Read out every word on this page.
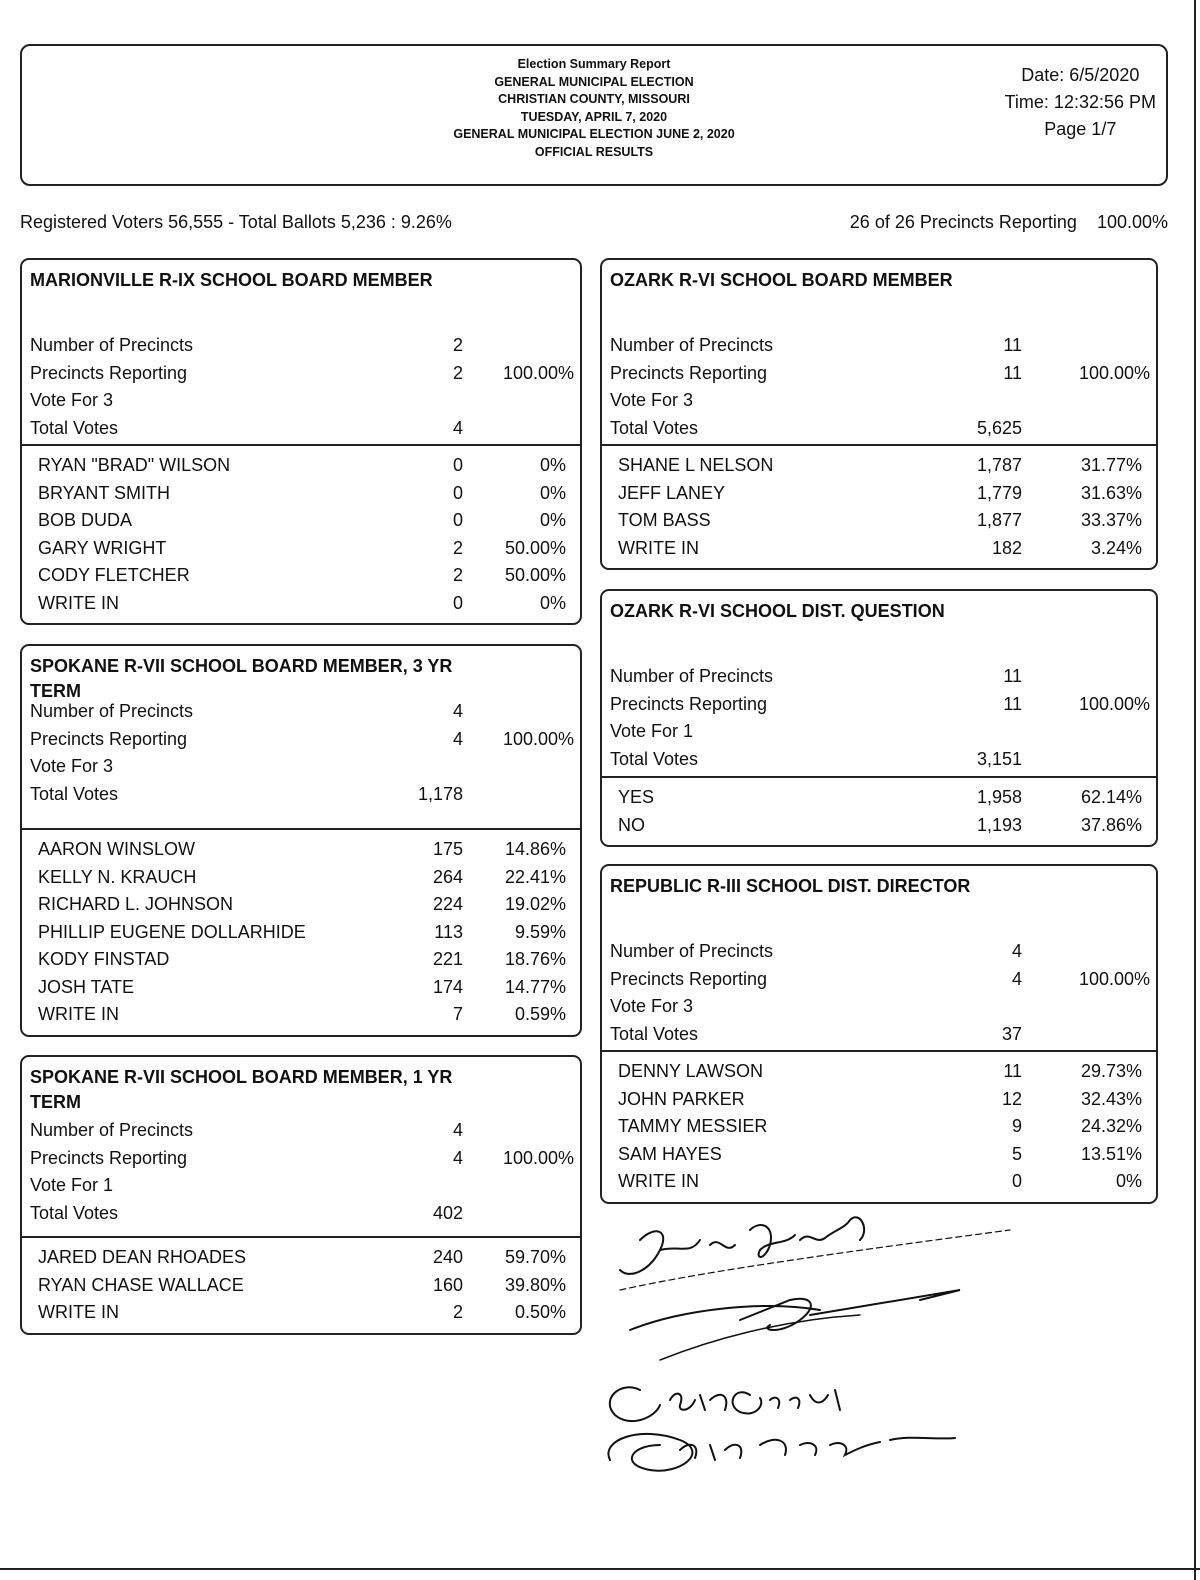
Election Summary Report
GENERAL MUNICIPAL ELECTION
CHRISTIAN COUNTY, MISSOURI
TUESDAY, APRIL 7, 2020
GENERAL MUNICIPAL ELECTION JUNE 2, 2020
OFFICIAL RESULTS
Date: 6/5/2020
Time: 12:32:56 PM
Page 1/7
Registered Voters 56,555 - Total Ballots 5,236 : 9.26%	26 of 26 Precincts Reporting 100.00%
MARIONVILLE R-IX SCHOOL BOARD MEMBER
Number of Precincts	2
Precincts Reporting	2 100.00%
Vote For 3
Total Votes	4
RYAN "BRAD" WILSON	0	0%
BRYANT SMITH	0	0%
BOB DUDA	0	0%
GARY WRIGHT	2 50.00%
CODY FLETCHER	2 50.00%
WRITE IN	0	0%
SPOKANE R-VII SCHOOL BOARD MEMBER, 3 YR
TERM
Number of Precincts	4
Precincts Reporting	4 100.00%
Vote For 3
Total Votes	1,178
AARON WINSLOW	175 14.86%
KELLY N. KRAUCH	264 22.41%
RICHARD L. JOHNSON	224 19.02%
PHILLIP EUGENE DOLLARHIDE	113	9.59%
KODY FINSTAD	221 18.76%
JOSH TATE	174 14.77%
WRITE IN	7	0.59%
SPOKANE R-VII SCHOOL BOARD MEMBER, 1 YR
TERM
Number of Precincts	4
Precincts Reporting	4 100.00%
Vote For 1
Total Votes	402
JARED DEAN RHOADES	240 59.70%
RYAN CHASE WALLACE	160 39.80%
WRITE IN	2	0.50%
OZARK R-VI SCHOOL BOARD MEMBER
Number of Precincts	11
Precincts Reporting	11	100.00%
Vote For 3
Total Votes	5,625
SHANE L NELSON	1,787	31.77%
JEFF LANEY	1,779	31.63%
TOM BASS	1,877	33.37%
WRITE IN	182	3.24%
OZARK R-VI SCHOOL DIST. QUESTION
Number of Precincts	11
Precincts Reporting	11	100.00%
Vote For 1
Total Votes	3,151
YES	1,958	62.14%
NO	1,193	37.86%
REPUBLIC R-III SCHOOL DIST. DIRECTOR
Number of Precincts	4
Precincts Reporting	4	100.00%
Vote For 3
Total Votes	37
DENNY LAWSON	11	29.73%
JOHN PARKER	12	32.43%
TAMMY MESSIER	9	24.32%
SAM HAYES	5	13.51%
WRITE IN	0	0%
